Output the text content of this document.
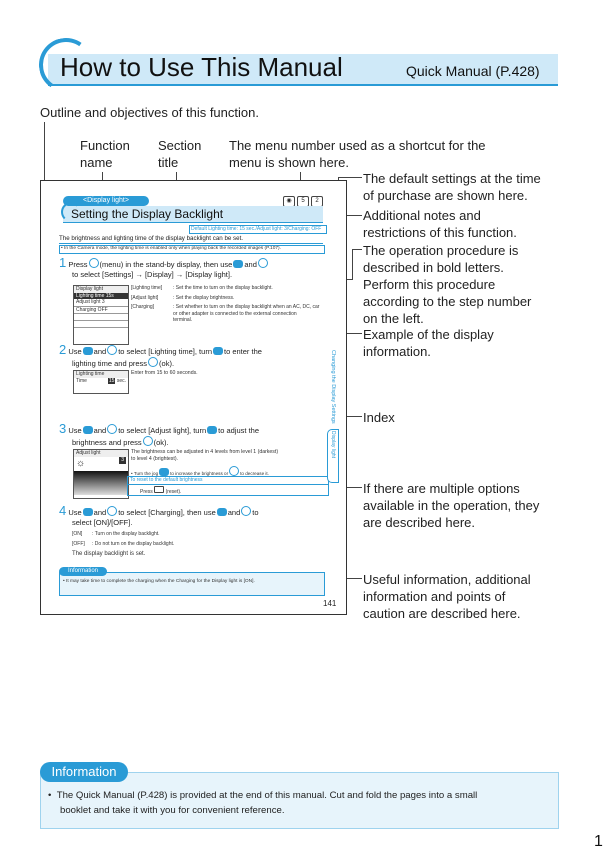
How to Use This Manual	Quick Manual (P.428)
Outline and objectives of this function.
Function
name
Section
title
The menu number used as a shortcut for the
menu is shown here.
The default settings at the time
of purchase are shown here.
Additional notes and
restrictions of this function.
The operation procedure is
described in bold letters.
Perform this procedure
according to the step number
on the left.
Example of the display
information.
Index
If there are multiple options
available in the operation, they
are described here.
Useful information, additional
information and points of
caution are described here.
<Display light>	◉	5	2
Setting the Display Backlight
Default Lighting time: 15 sec./Adjust light: 3/Charging: OFF
The brightness and lighting time of the display backlight can be set.
• In the Camera mode, the lighting time is enabled only when playing back the recorded images (P.107).
1 Press (menu) in the stand-by display, then use and
to select [Settings] → [Display] → [Display light].
Display light
Lighting time 15s
Adjust light 3
Charging OFF
[Lighting time]	: Set the time to turn on the display backlight.
[Adjust light]	: Set the display brightness.
[Charging]	: Set whether to turn on the display backlight when an AC, DC, car
or other adapter is connected to the external connection
terminal.
2 Use and to select [Lighting time], turn to enter the
lighting time and press (ok).
Lighting time
Time	15 sec.
Enter from 15 to 60 seconds.
3 Use and to select [Adjust light], turn to adjust the
brightness and press (ok).
Adjust light
☼	3
The brightness can be adjusted in 4 levels from level 1 (darkest)
to level 4 (brightest).
• Turn the jog	to increase the brightness or	to decrease it.
To reset to the default brightness
Press	(reset).
4 Use and to select [Charging], then use and to
select [ON]/[OFF].
[ON]	: Turn on the display backlight.
[OFF]	: Do not turn on the display backlight.
The display backlight is set.
Information
• It may take time to complete the charging when the Charging for the Display light is [ON].
Changing the Display Settings
Display light
141
Information
•  The Quick Manual (P.428) is provided at the end of this manual. Cut and fold the pages into a small
booklet and take it with you for convenient reference.
1
